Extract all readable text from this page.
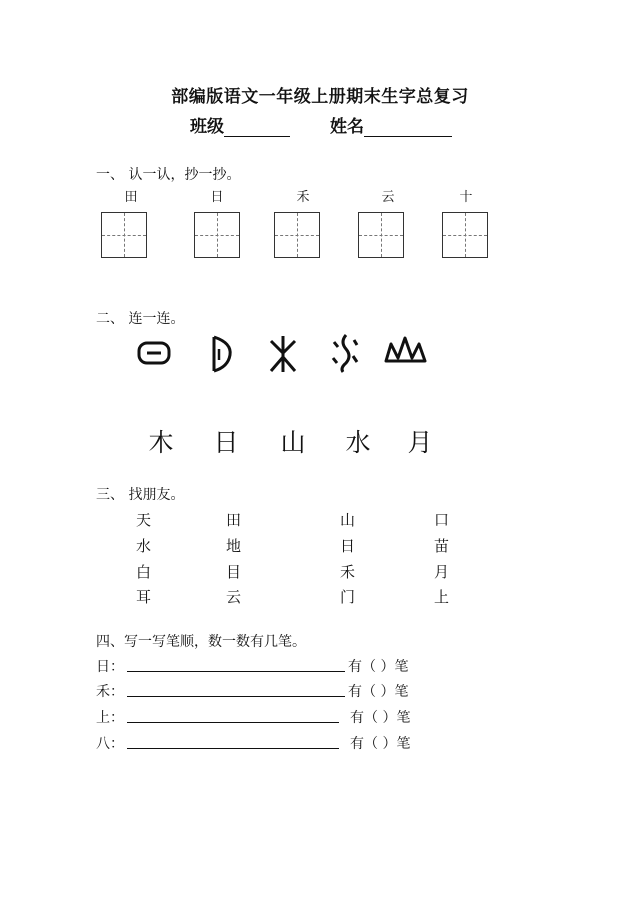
部编版语文一年级上册期末生字总复习
班级	姓名
一、 认一认，抄一抄。
田	日	禾	云	十
二、 连一连。
木	日	山	水	月
三、 找朋友。
天	田	山	口
水	地	日	苗
白	目	禾	月
耳	云	门	上
四、写一写笔顺，数一数有几笔。
日：	有（ ）笔
禾：	有（ ）笔
上：	有（ ）笔
八：	有（ ）笔
